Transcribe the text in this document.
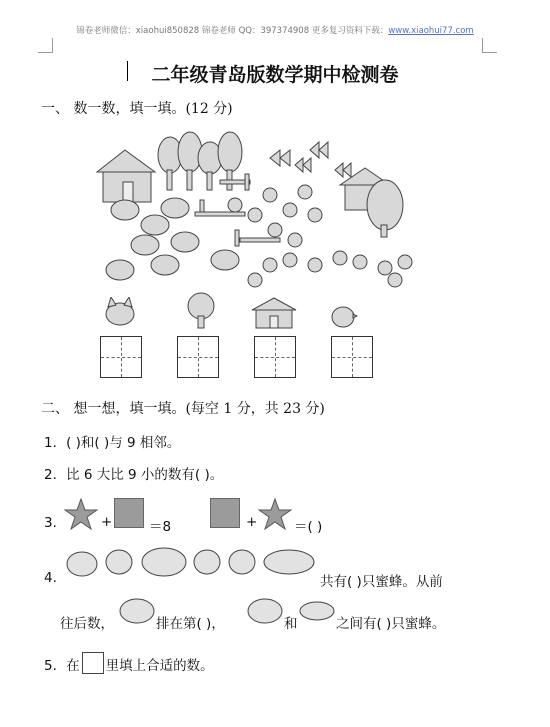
锦卷老师微信：xiaohui850828 锦卷老师 QQ：3973749​08 更多复习资料下载：www.xiaohui77.com
二年级青岛版数学期中检测卷
一、 数一数，填一填。(12 分)
二、 想一想，填一填。(每空 1 分，共 23 分)
1．( )和( )与 9 相邻。
2．比 6 大比 9 小的数有( )。
3.	+	＝8	+	＝( )
4.	共有( )只蜜蜂。从前
往后数，	排在第( )，	和	之间有( )只蜜蜂。
5．在 里填上合适的数。
